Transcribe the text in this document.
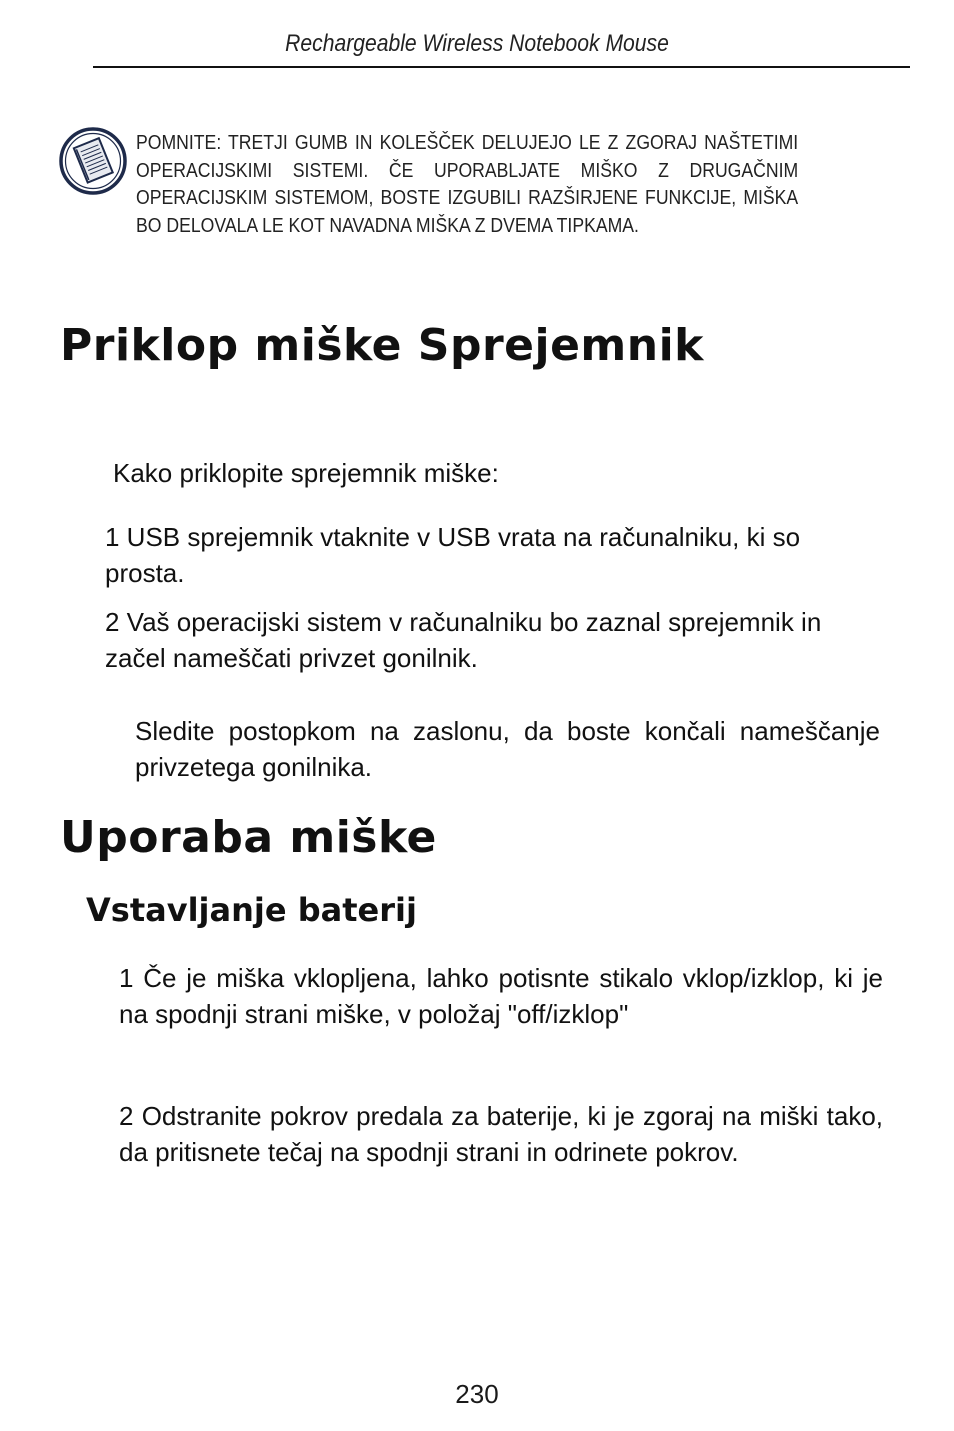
Rechargeable Wireless Notebook Mouse
POMNITE: TRETJI GUMB IN KOLEŠČEK DELUJEJO LE Z ZGORAJ NAŠTETIMI OPERACIJSKIMI SISTEMI. ČE UPORABLJATE MIŠKO Z DRUGAČNIM OPERACIJSKIM SISTEMOM, BOSTE IZGUBILI RAZŠIRJENE FUNKCIJE, MIŠKA BO DELOVALA LE KOT NAVADNA MIŠKA Z DVEMA TIPKAMA.
Priklop miške Sprejemnik
Kako priklopite sprejemnik miške:
1 USB sprejemnik vtaknite v USB vrata na računalniku, ki so prosta.
2 Vaš operacijski sistem v računalniku bo zaznal sprejemnik in začel nameščati privzet gonilnik.
Sledite postopkom na zaslonu, da boste končali nameščanje privzetega gonilnika.
Uporaba miške
Vstavljanje baterij
1 Če je miška vklopljena, lahko potisnte stikalo vklop/izklop, ki je na spodnji strani miške, v položaj "off/izklop"
2 Odstranite pokrov predala za baterije, ki je zgoraj na miški tako, da pritisnete tečaj na spodnji strani in odrinete pokrov.
230
